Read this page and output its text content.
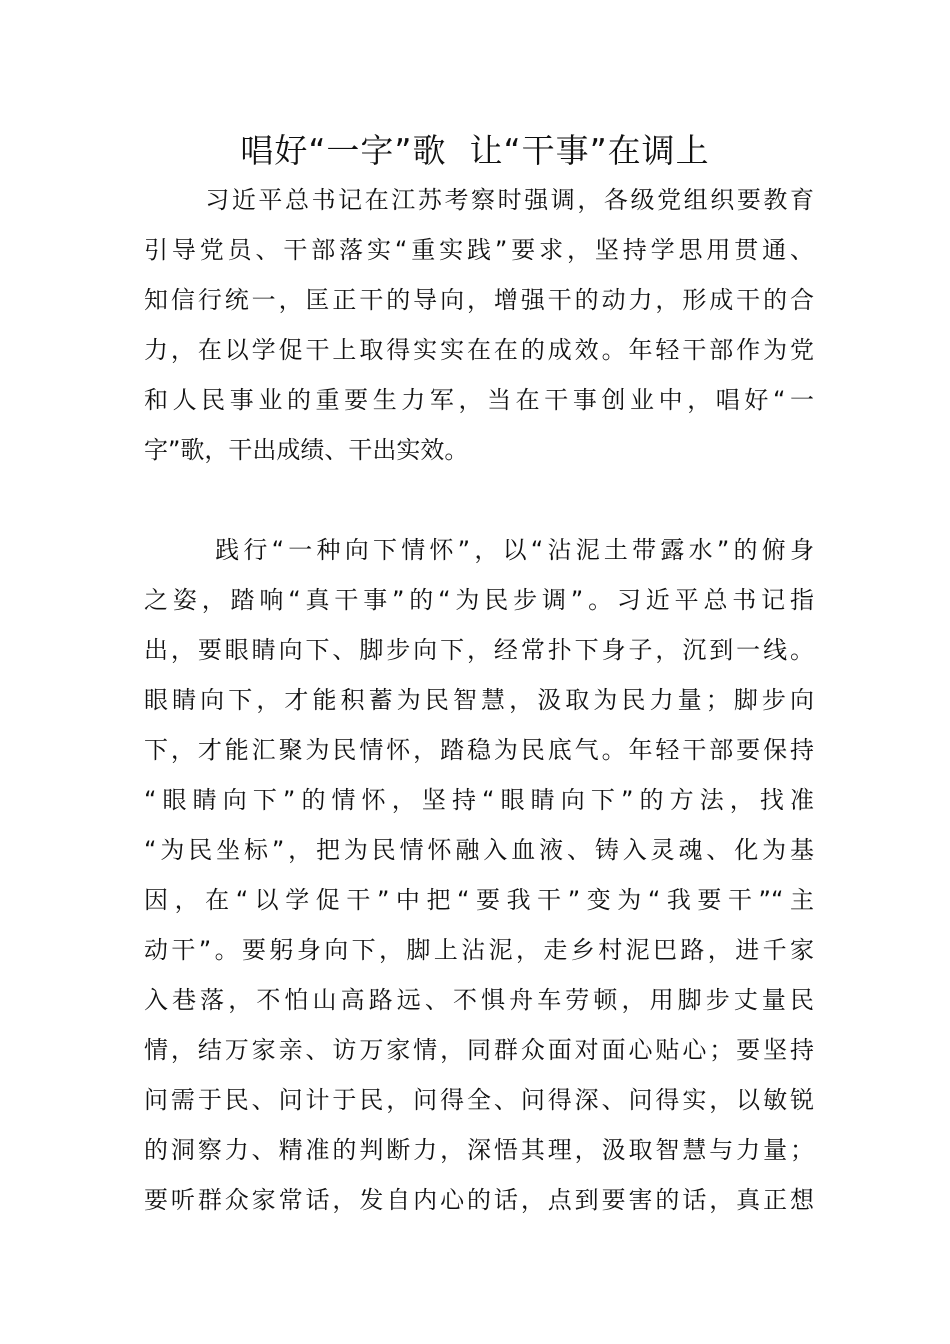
唱好“一字”歌  让“干事”在调上
习近平总书记在江苏考察时强调，各级党组织要教育
引导党员、干部落实“重实践”要求，坚持学思用贯通、
知信行统一，匡正干的导向，增强干的动力，形成干的合
力，在以学促干上取得实实在在的成效。年轻干部作为党
和人民事业的重要生力军，当在干事创业中，唱好“一
字”歌，干出成绩、干出实效。
践行“一种向下情怀”，以“沾泥土带露水”的俯身
之姿，踏响“真干事”的“为民步调”。习近平总书记指
出，要眼睛向下、脚步向下，经常扑下身子，沉到一线。
眼睛向下，才能积蓄为民智慧，汲取为民力量；脚步向
下，才能汇聚为民情怀，踏稳为民底气。年轻干部要保持
“眼睛向下”的情怀，坚持“眼睛向下”的方法，找准
“为民坐标”，把为民情怀融入血液、铸入灵魂、化为基
因，在“以学促干”中把“要我干”变为“我要干”“主
动干”。要躬身向下，脚上沾泥，走乡村泥巴路，进千家
入巷落，不怕山高路远、不惧舟车劳顿，用脚步丈量民
情，结万家亲、访万家情，同群众面对面心贴心；要坚持
问需于民、问计于民，问得全、问得深、问得实，以敏锐
的洞察力、精准的判断力，深悟其理，汲取智慧与力量；
要听群众家常话，发自内心的话，点到要害的话，真正想
